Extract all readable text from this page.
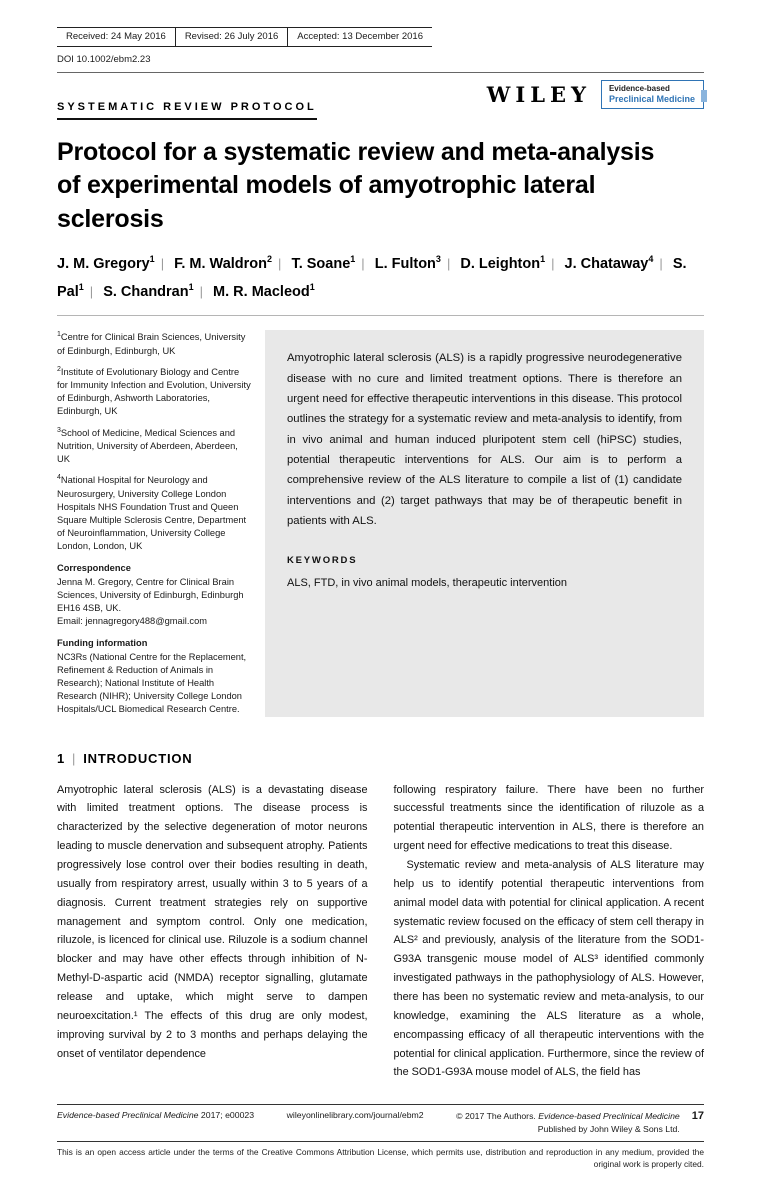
Received: 24 May 2016	Revised: 26 July 2016	Accepted: 13 December 2016
DOI 10.1002/ebm2.23
SYSTEMATIC REVIEW PROTOCOL	WILEY Evidence-based
Preclinical Medicine
Protocol for a systematic review and meta-analysis
of experimental models of amyotrophic lateral sclerosis
J. M. Gregory$^1$ | F. M. Waldron$^2$ | T. Soane$^1$ | L. Fulton$^3$ | D. Leighton$^1$ | J. Chataway$^4$ | S. Pal$^1$ | S. Chandran$^1$ | M. R. Macleod$^1$

$^1$Centre for Clinical Brain Sciences, University of Edinburgh, Edinburgh, UK

$^2$Institute of Evolutionary Biology and Centre for Immunity Infection and Evolution, University of Edinburgh, Ashworth Laboratories, Edinburgh, UK

$^3$School of Medicine, Medical Sciences and Nutrition, University of Aberdeen, Aberdeen, UK

$^4$National Hospital for Neurology and Neurosurgery, University College London Hospitals NHS Foundation Trust and Queen Square Multiple Sclerosis Centre, Department of Neuroinflammation, University College London, London, UK

Correspondence

Jenna M. Gregory, Centre for Clinical Brain Sciences, University of Edinburgh, Edinburgh EH16 4SB, UK.

Email: jennagregory488@gmail.com

Funding information

NC3Rs (National Centre for the Replacement, Refinement & Reduction of Animals in Research); National Institute of Health Research (NIHR); University College London Hospitals/UCL Biomedical Research Centre.

Amyotrophic lateral sclerosis (ALS) is a rapidly progressive neurodegenerative disease with no cure and limited treatment options. There is therefore an urgent need for effective therapeutic interventions in this disease. This protocol outlines the strategy for a systematic review and meta-analysis to identify, from in vivo animal and human induced pluripotent stem cell (hiPSC) studies, potential therapeutic interventions for ALS. Our aim is to perform a comprehensive review of the ALS literature to compile a list of (1) candidate interventions and (2) target pathways that may be of therapeutic benefit in patients with ALS.

KEYWORDS

ALS, FTD, in vivo animal models, therapeutic intervention

1 | INTRODUCTION

Amyotrophic lateral sclerosis (ALS) is a devastating disease with limited treatment options. The disease process is characterized by the selective degeneration of motor neurons leading to muscle denervation and subsequent atrophy. Patients progressively lose control over their bodies resulting in death, usually from respiratory arrest, usually within 3 to 5 years of a diagnosis. Current treatment strategies rely on supportive management and symptom control. Only one medication, riluzole, is licenced for clinical use. Riluzole is a sodium channel blocker and may have other effects through inhibition of N-Methyl-D-aspartic acid (NMDA) receptor signalling, glutamate release and uptake, which might serve to dampen neuroexcitation.¹ The effects of this drug are only modest, improving survival by 2 to 3 months and perhaps delaying the onset of ventilator dependence

following respiratory failure. There have been no further successful treatments since the identification of riluzole as a potential therapeutic intervention in ALS, there is therefore an urgent need for effective medications to treat this disease.

Systematic review and meta-analysis of ALS literature may help us to identify potential therapeutic interventions from animal model data with potential for clinical application. A recent systematic review focused on the efficacy of stem cell therapy in ALS² and previously, analysis of the literature from the SOD1-G93A transgenic mouse model of ALS³ identified commonly investigated pathways in the pathophysiology of ALS. However, there has been no systematic review and meta-analysis, to our knowledge, examining the ALS literature as a whole, encompassing efficacy of all therapeutic interventions with the potential for clinical application. Furthermore, since the review of the SOD1-G93A mouse model of ALS, the field has

Evidence-based Preclinical Medicine 2017; e00023	wileyonlinelibrary.com/journal/ebm2	© 2017 The Authors. Evidence-based Preclinical Medicine
Published by John Wiley & Sons Ltd.
17
This is an open access article under the terms of the Creative Commons Attribution License, which permits use, distribution and reproduction in any medium, provided the original work is properly cited.
